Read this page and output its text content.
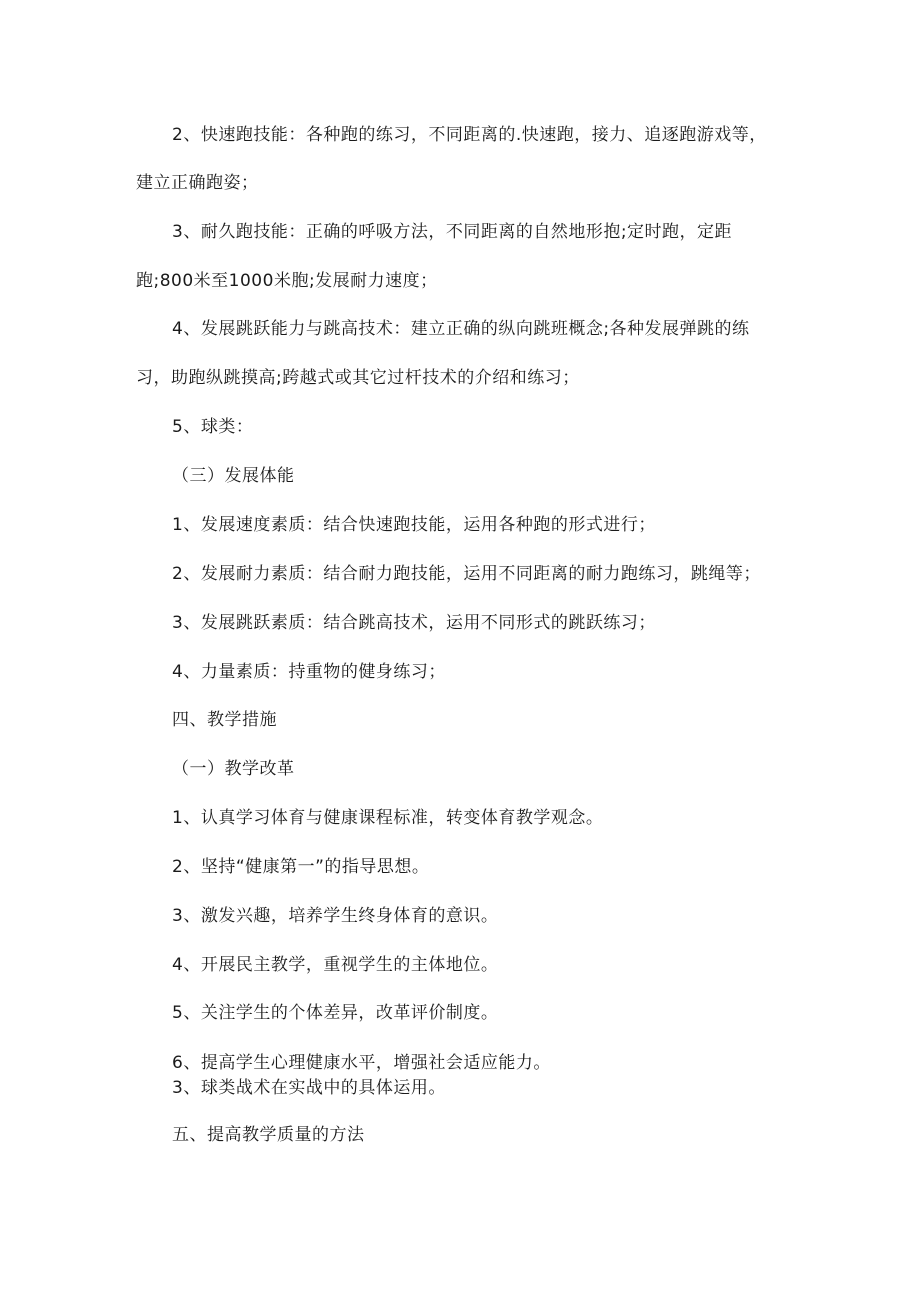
2、快速跑技能：各种跑的练习，不同距离的.快速跑，接力、追逐跑游戏等，
建立正确跑姿；
3、耐久跑技能：正确的呼吸方法，不同距离的自然地形抱;定时跑，定距
跑;800米至1000米胞;发展耐力速度；
4、发展跳跃能力与跳高技术：建立正确的纵向跳班概念;各种发展弹跳的练
习，助跑纵跳摸高;跨越式或其它过杆技术的介绍和练习；
5、球类：
（三）发展体能
1、发展速度素质：结合快速跑技能，运用各种跑的形式进行；
2、发展耐力素质：结合耐力跑技能，运用不同距离的耐力跑练习，跳绳等；
3、发展跳跃素质：结合跳高技术，运用不同形式的跳跃练习；
4、力量素质：持重物的健身练习；
四、教学措施
（一）教学改革
1、认真学习体育与健康课程标准，转变体育教学观念。
2、坚持“健康第一”的指导思想。
3、激发兴趣，培养学生终身体育的意识。
4、开展民主教学，重视学生的主体地位。
5、关注学生的个体差异，改革评价制度。
6、提高学生心理健康水平，增强社会适应能力。
3、球类战术在实战中的具体运用。
五、提高教学质量的方法
